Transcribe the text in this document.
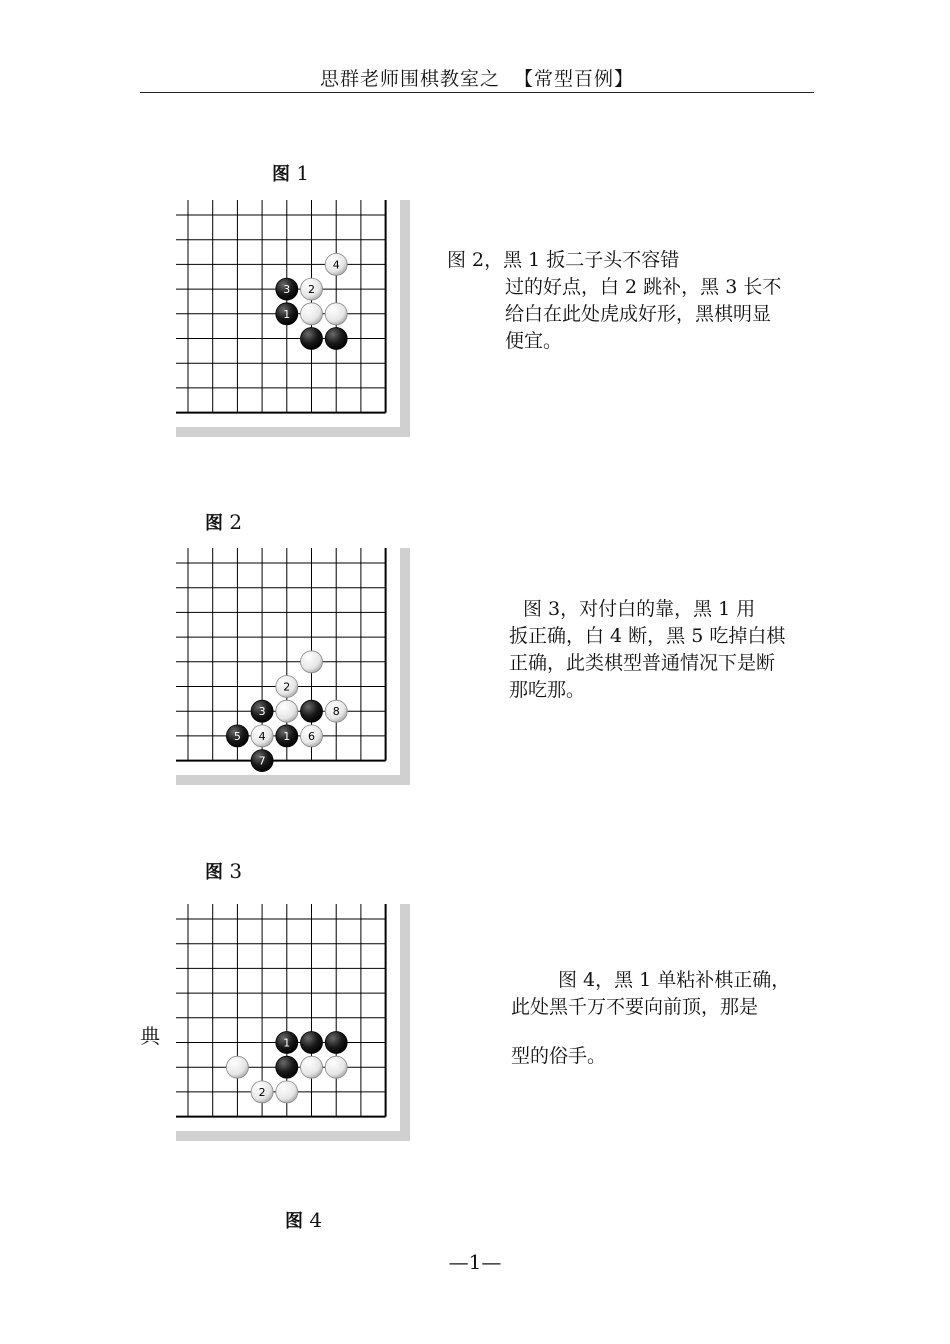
思群老师围棋教室之 【常型百例】
图 1
图 2
图 3
图 4
1
2
3
4
1
2
3
4
5	6
7
8
1
2
图 2，黑 1 扳二子头不容错
过的好点，白 2 跳补，黑 3 长不
给白在此处虎成好形，黑棋明显
便宜。
图 3，对付白的靠，黑 1 用
扳正确，白 4 断，黑 5 吃掉白棋
正确，此类棋型普通情况下是断
那吃那。
图 4，黑 1 单粘补棋正确，
此处黑千万不要向前顶，那是
型的俗手。
典
—1—
